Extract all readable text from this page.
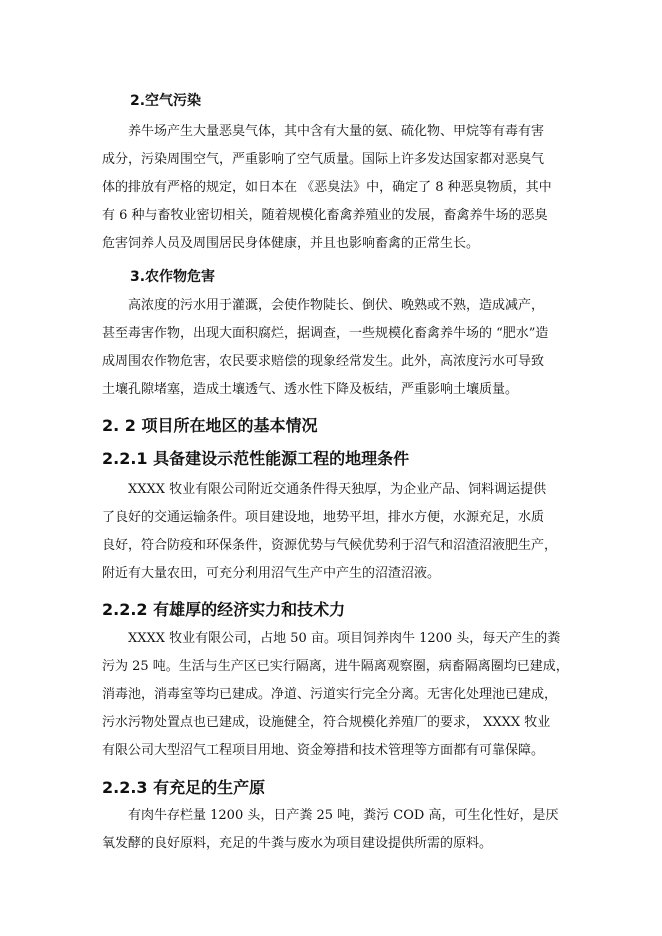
2.空气污染
养牛场产生大量恶臭气体，其中含有大量的氨、硫化物、甲烷等有毒有害
成分，污染周围空气，严重影响了空气质量。国际上许多发达国家都对恶臭气
体的排放有严格的规定，如日本在 《恶臭法》中，确定了 8 种恶臭物质，其中
有 6 种与畜牧业密切相关，随着规模化畜禽养殖业的发展，畜禽养牛场的恶臭
危害饲养人员及周围居民身体健康，并且也影响畜禽的正常生长。
3.农作物危害
高浓度的污水用于灌溉，会使作物陡长、倒伏、晚熟或不熟，造成减产，
甚至毒害作物，出现大面积腐烂，据调查，一些规模化畜禽养牛场的 “肥水”造
成周围农作物危害，农民要求赔偿的现象经常发生。此外，高浓度污水可导致
土壤孔隙堵塞，造成土壤透气、透水性下降及板结，严重影响土壤质量。
2. 2 项目所在地区的基本情况
2.2.1 具备建设示范性能源工程的地理条件
XXXX 牧业有限公司附近交通条件得天独厚，为企业产品、饲料调运提供
了良好的交通运输条件。项目建设地，地势平坦，排水方便，水源充足，水质
良好，符合防疫和环保条件，资源优势与气候优势利于沼气和沼渣沼液肥生产，
附近有大量农田，可充分利用沼气生产中产生的沼渣沼液。
2.2.2 有雄厚的经济实力和技术力
XXXX 牧业有限公司，占地 50 亩。项目饲养肉牛 1200 头，每天产生的粪
污为 25 吨。生活与生产区已实行隔离，进牛隔离观察圈，病畜隔离圈均已建成，
消毒池，消毒室等均已建成。净道、污道实行完全分离。无害化处理池已建成，
污水污物处置点也已建成，设施健全，符合规模化养殖厂的要求， XXXX 牧业
有限公司大型沼气工程项目用地、资金筹措和技术管理等方面都有可靠保障。
2.2.3 有充足的生产原
有肉牛存栏量 1200 头，日产粪 25 吨，粪污 COD 高，可生化性好，是厌
氧发酵的良好原料，充足的牛粪与废水为项目建设提供所需的原料。
